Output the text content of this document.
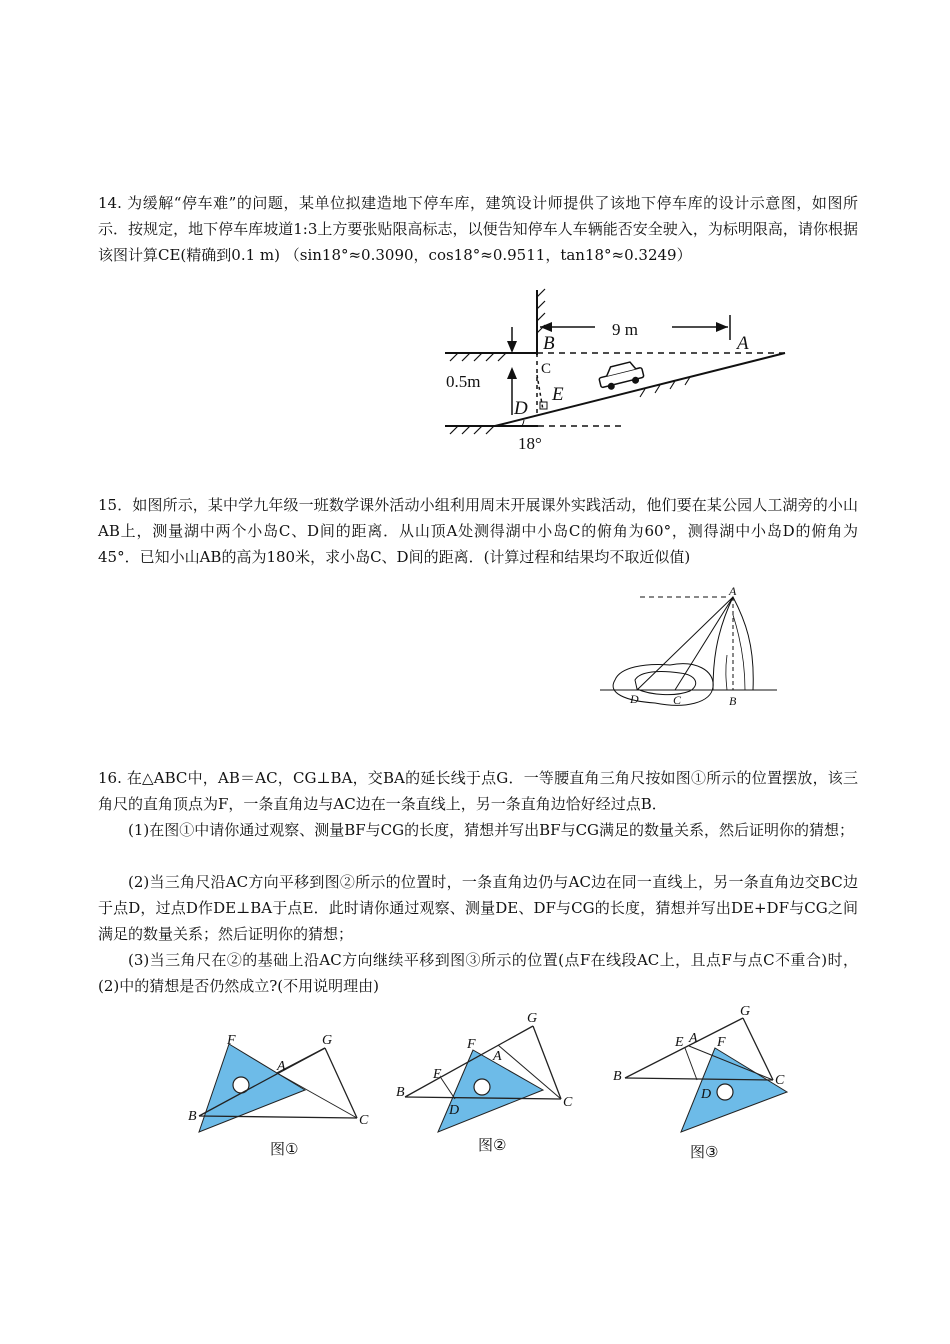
14. 为缓解“停车难”的问题，某单位拟建造地下停车库，建筑设计师提供了该地下停车库的设计示意图，如图所示．按规定，地下停车库坡道1:3上方要张贴限高标志，以便告知停车人车辆能否安全驶入，为标明限高，请你根据该图计算CE(精确到0.1 m) （sin18°≈0.3090，cos18°≈0.9511，tan18°≈0.3249）

9 m
0.5m
18°
B	A
C
D
E

15．如图所示，某中学九年级一班数学课外活动小组利用周末开展课外实践活动，他们要在某公园人工湖旁的小山AB上，测量湖中两个小岛C、D间的距离．从山顶A处测得湖中小岛C的俯角为60°，测得湖中小岛D的俯角为45°．已知小山AB的高为180米，求小岛C、D间的距离．(计算过程和结果均不取近似值)

A
B
C
D

16. 在△ABC中，AB＝AC，CG⊥BA，交BA的延长线于点G．一等腰直角三角尺按如图①所示的位置摆放，该三角尺的直角顶点为F，一条直角边与AC边在一条直线上，另一条直角边恰好经过点B．

(1)在图①中请你通过观察、测量BF与CG的长度，猜想并写出BF与CG满足的数量关系，然后证明你的猜想；

(2)当三角尺沿AC方向平移到图②所示的位置时，一条直角边仍与AC边在同一直线上，另一条直角边交BC边于点D，过点D作DE⊥BA于点E．此时请你通过观察、测量DE、DF与CG的长度，猜想并写出DE+DF与CG之间满足的数量关系；然后证明你的猜想；

(3)当三角尺在②的基础上沿AC方向继续平移到图③所示的位置(点F在线段AC上，且点F与点C不重合)时，(2)中的猜想是否仍然成立?(不用说明理由)

F	G
A
B	C
图①
F
G
A
B
C
D
E
图②
F
G
A
B	C
D
E
图③
